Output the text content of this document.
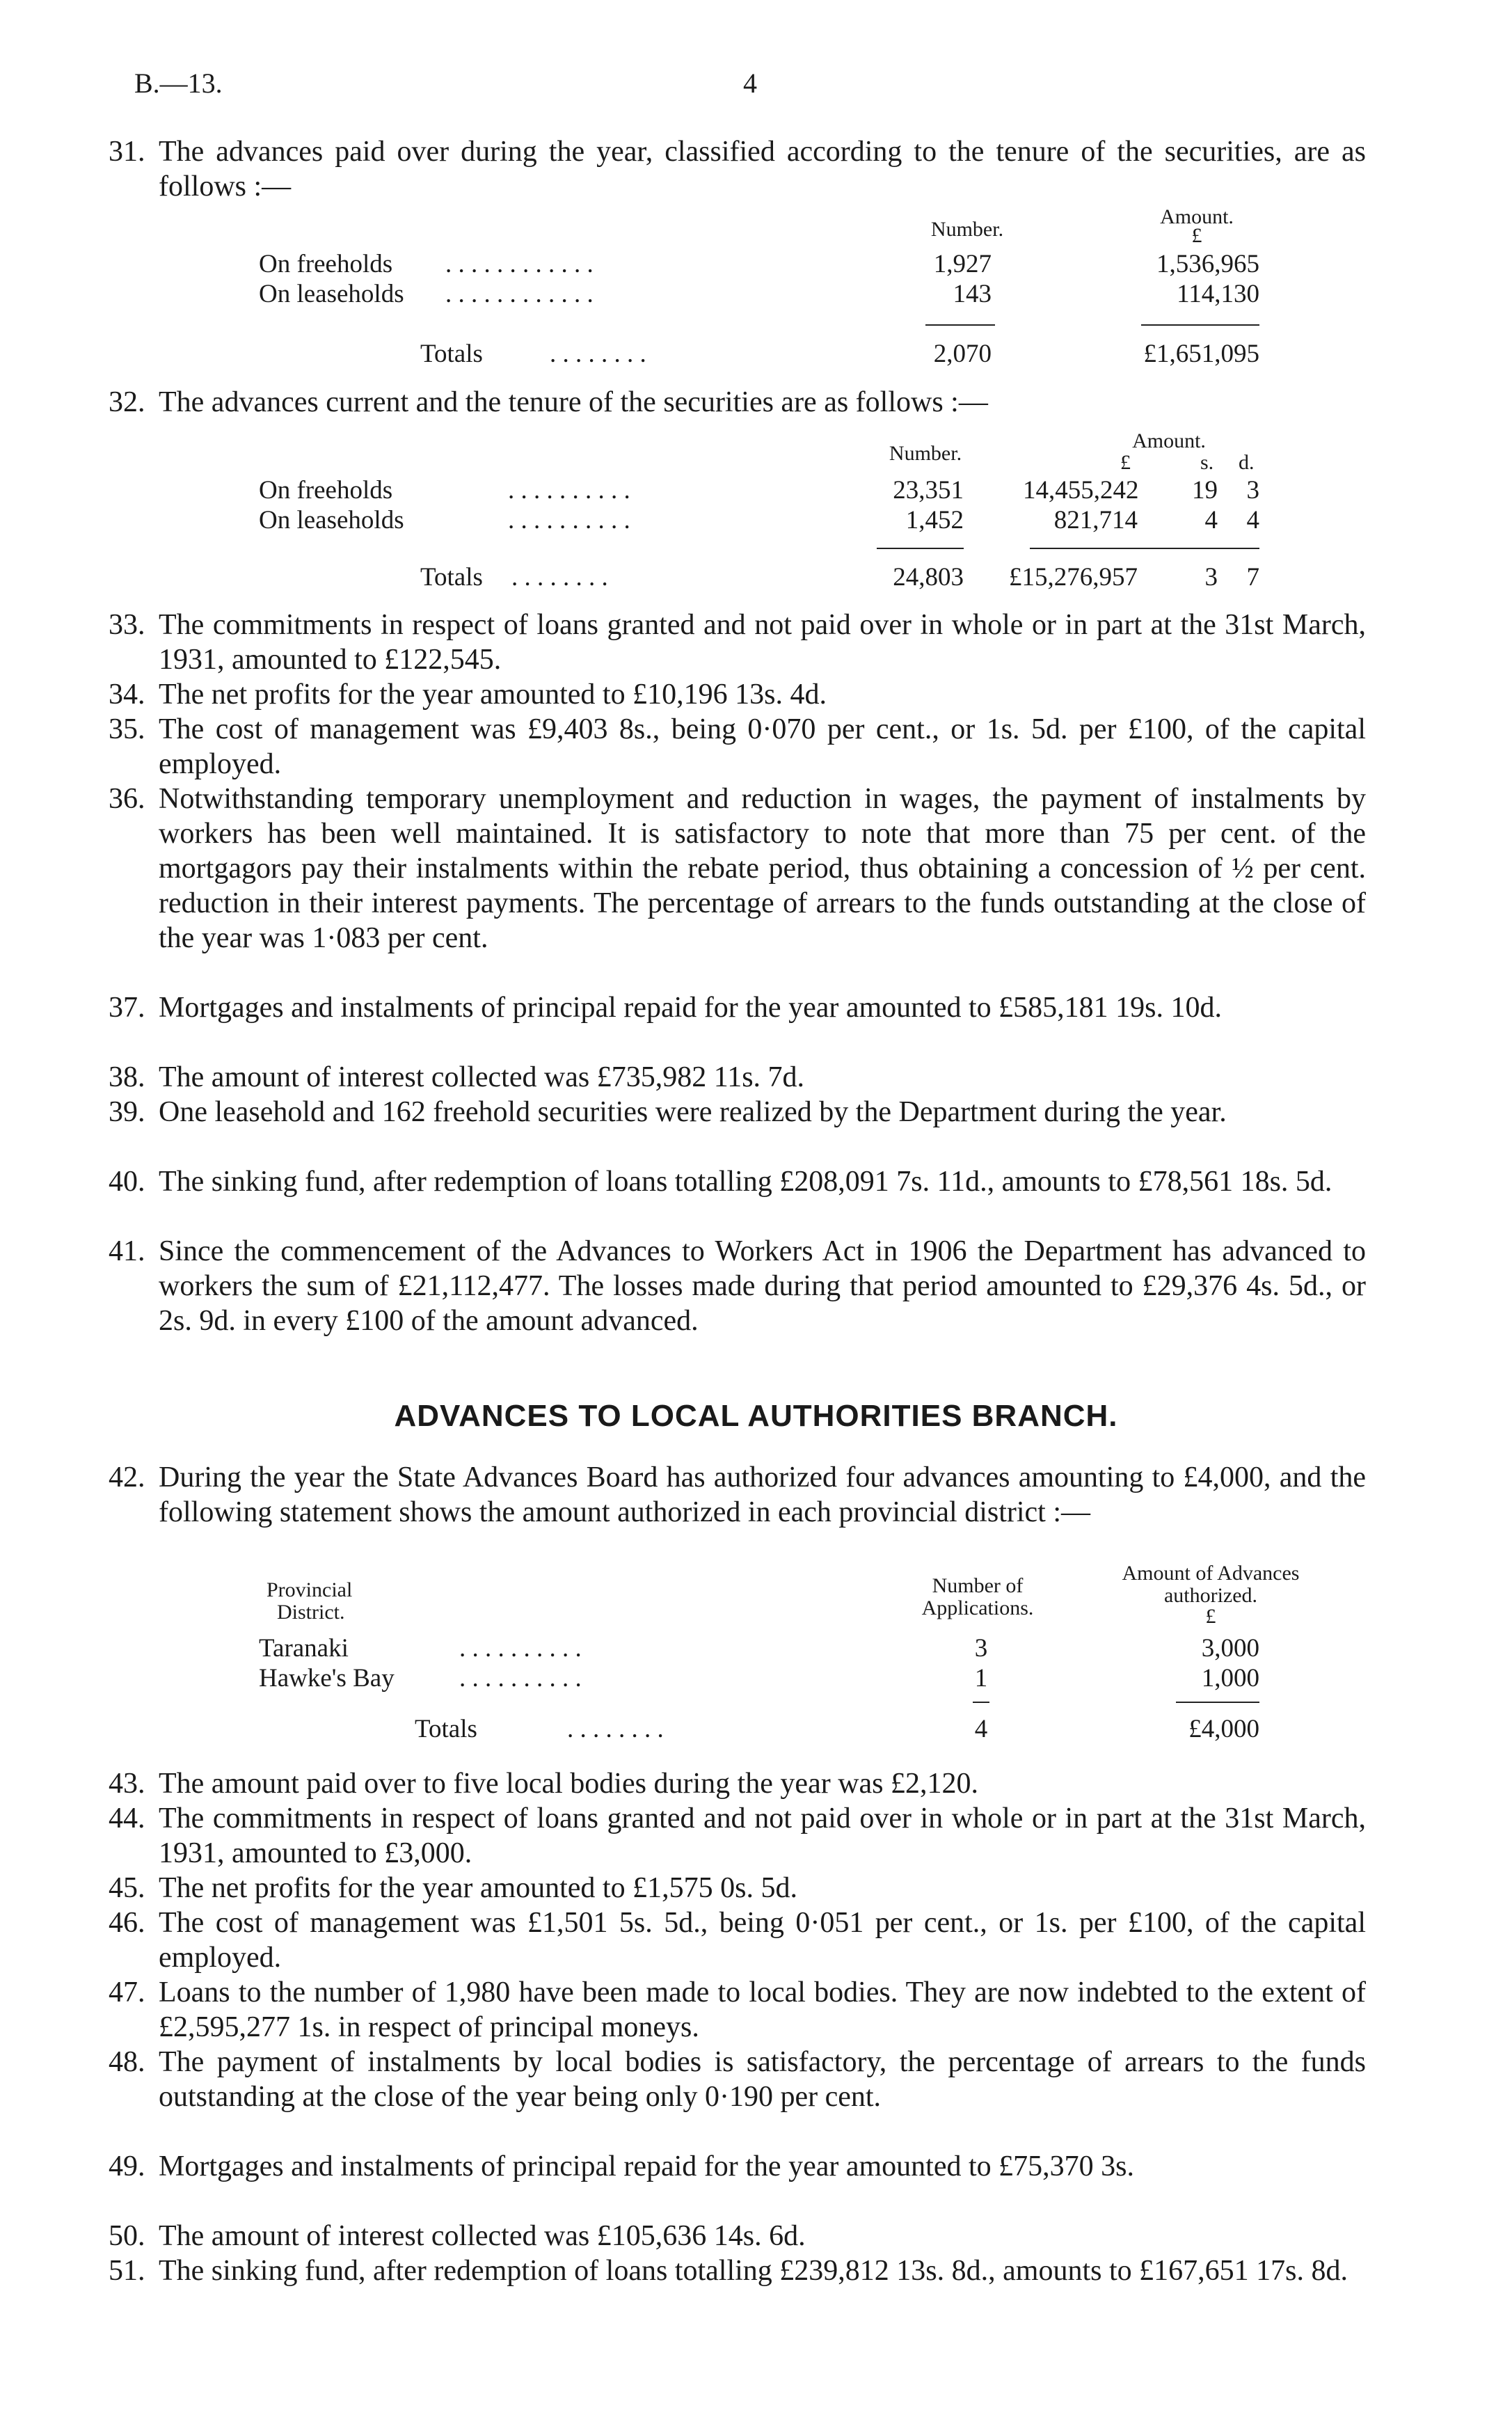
B.—13.	4
31. The advances paid over during the year, classified according to the tenure of the securities, are as follows :—
Number.
Amount.
£
On freeholds . . . . . . . . . . . .	1,927	1,536,965
On leaseholds . . . . . . . . . . . .	143	114,130
Totals	. . . . . . . .	2,070	£1,651,095
32. The advances current and the tenure of the securities are as follows :—
Number.
Amount.
£	s. d.
On freeholds	. . . . . . . . . .	23,351 14,455,242	19	3
On leaseholds	. . . . . . . . . .	1,452	821,714	4	4
Totals . . . . . . . .	24,803	£15,276,957	3	7
33. The commitments in respect of loans granted and not paid over in whole or in part at the 31st March, 1931, amounted to £122,545.
34. The net profits for the year amounted to £10,196 13s. 4d.
35. The cost of management was £9,403 8s., being 0·070 per cent., or 1s. 5d. per £100, of the capital employed.
36. Notwithstanding temporary unemployment and reduction in wages, the payment of instalments by workers has been well maintained. It is satisfactory to note that more than 75 per cent. of the mortgagors pay their instalments within the rebate period, thus obtaining a concession of ½ per cent. reduction in their interest payments. The percentage of arrears to the funds outstanding at the close of the year was 1·083 per cent.
37. Mortgages and instalments of principal repaid for the year amounted to £585,181 19s. 10d.
38. The amount of interest collected was £735,982 11s. 7d.
39. One leasehold and 162 freehold securities were realized by the Department during the year.
40. The sinking fund, after redemption of loans totalling £208,091 7s. 11d., amounts to £78,561 18s. 5d.
41. Since the commencement of the Advances to Workers Act in 1906 the Department has advanced to workers the sum of £21,112,477. The losses made during that period amounted to £29,376 4s. 5d., or 2s. 9d. in every £100 of the amount advanced.
ADVANCES TO LOCAL AUTHORITIES BRANCH.
42. During the year the State Advances Board has authorized four advances amounting to £4,000, and the following statement shows the amount authorized in each provincial district :—
Provincial
District.
Number of
Applications.
Amount of Advances
authorized.
£
Taranaki	. . . . . . . . . .	3	3,000
Hawke's Bay	. . . . . . . . . .	1	1,000
Totals	. . . . . . . .	4	£4,000
43. The amount paid over to five local bodies during the year was £2,120.
44. The commitments in respect of loans granted and not paid over in whole or in part at the 31st March, 1931, amounted to £3,000.
45. The net profits for the year amounted to £1,575 0s. 5d.
46. The cost of management was £1,501 5s. 5d., being 0·051 per cent., or 1s. per £100, of the capital employed.
47. Loans to the number of 1,980 have been made to local bodies. They are now indebted to the extent of £2,595,277 1s. in respect of principal moneys.
48. The payment of instalments by local bodies is satisfactory, the percentage of arrears to the funds outstanding at the close of the year being only 0·190 per cent.
49. Mortgages and instalments of principal repaid for the year amounted to £75,370 3s.
50. The amount of interest collected was £105,636 14s. 6d.
51. The sinking fund, after redemption of loans totalling £239,812 13s. 8d., amounts to £167,651 17s. 8d.
